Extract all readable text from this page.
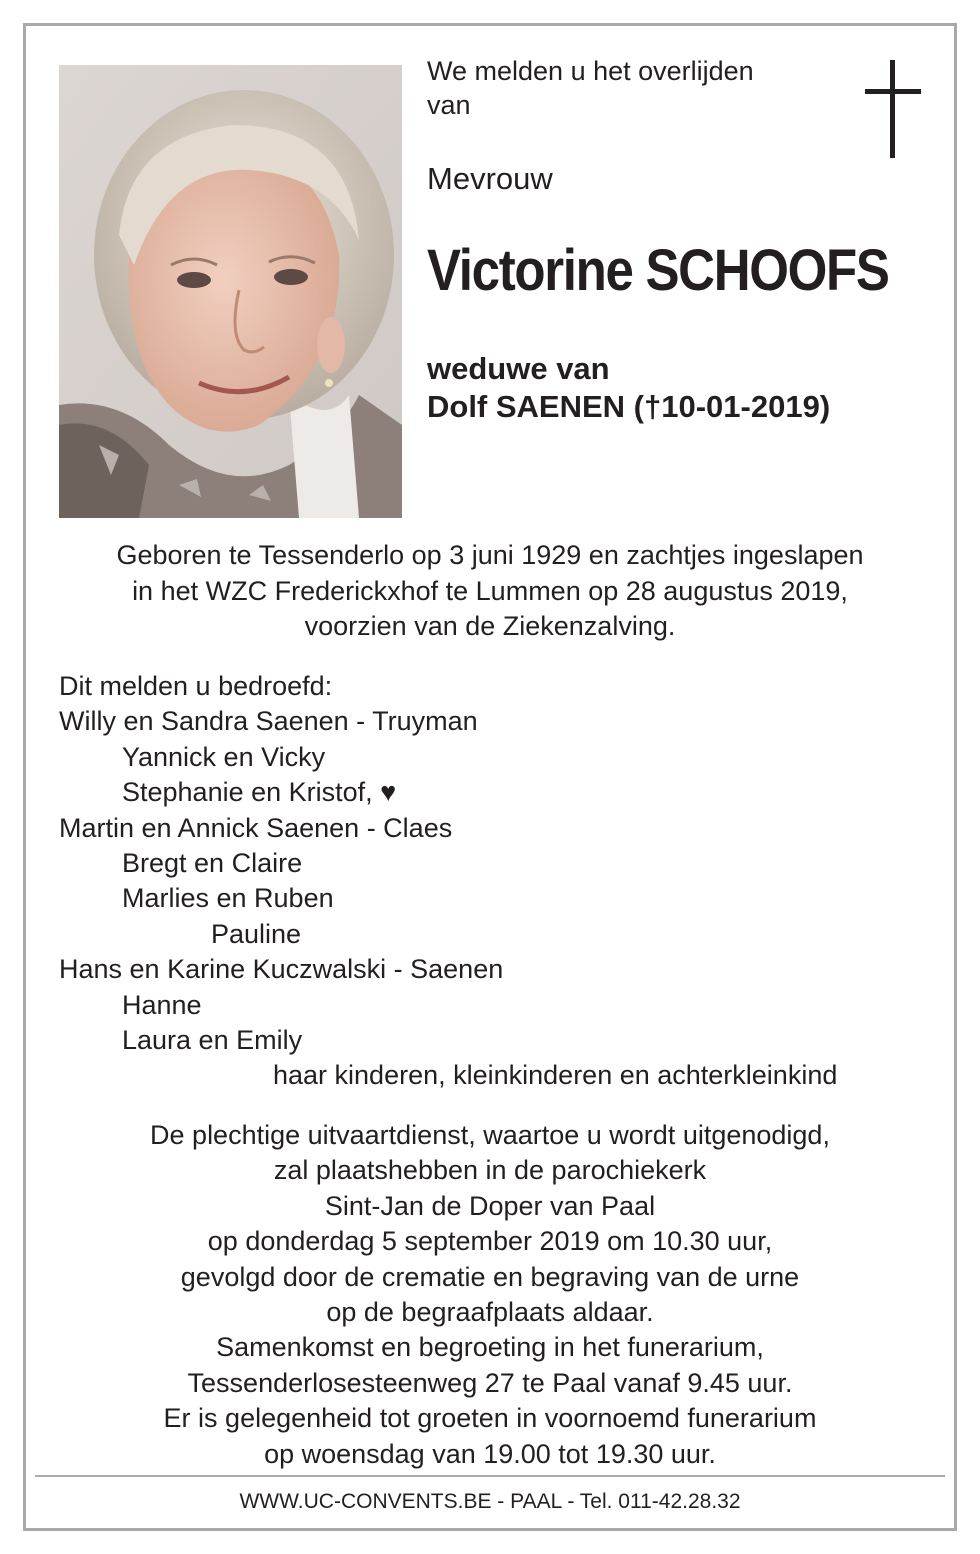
We melden u het overlijden
van
Mevrouw
Victorine SCHOOFS
weduwe van
Dolf SAENEN (†10-01-2019)
Geboren te Tessenderlo op 3 juni 1929 en zachtjes ingeslapen
in het WZC Frederickxhof te Lummen op 28 augustus 2019,
voorzien van de Ziekenzalving.
Dit melden u bedroefd:
Willy en Sandra Saenen - Truyman
Yannick en Vicky
Stephanie en Kristof, ♥
Martin en Annick Saenen - Claes
Bregt en Claire
Marlies en Ruben
Pauline
Hans en Karine Kuczwalski - Saenen
Hanne
Laura en Emily
haar kinderen, kleinkinderen en achterkleinkind
De plechtige uitvaartdienst, waartoe u wordt uitgenodigd,
zal plaatshebben in de parochiekerk
Sint-Jan de Doper van Paal
op donderdag 5 september 2019 om 10.30 uur,
gevolgd door de crematie en begraving van de urne
op de begraafplaats aldaar.
Samenkomst en begroeting in het funerarium,
Tessenderlosesteenweg 27 te Paal vanaf 9.45 uur.
Er is gelegenheid tot groeten in voornoemd funerarium
op woensdag van 19.00 tot 19.30 uur.
WWW.UC-CONVENTS.BE - PAAL - Tel. 011-42.28.32
